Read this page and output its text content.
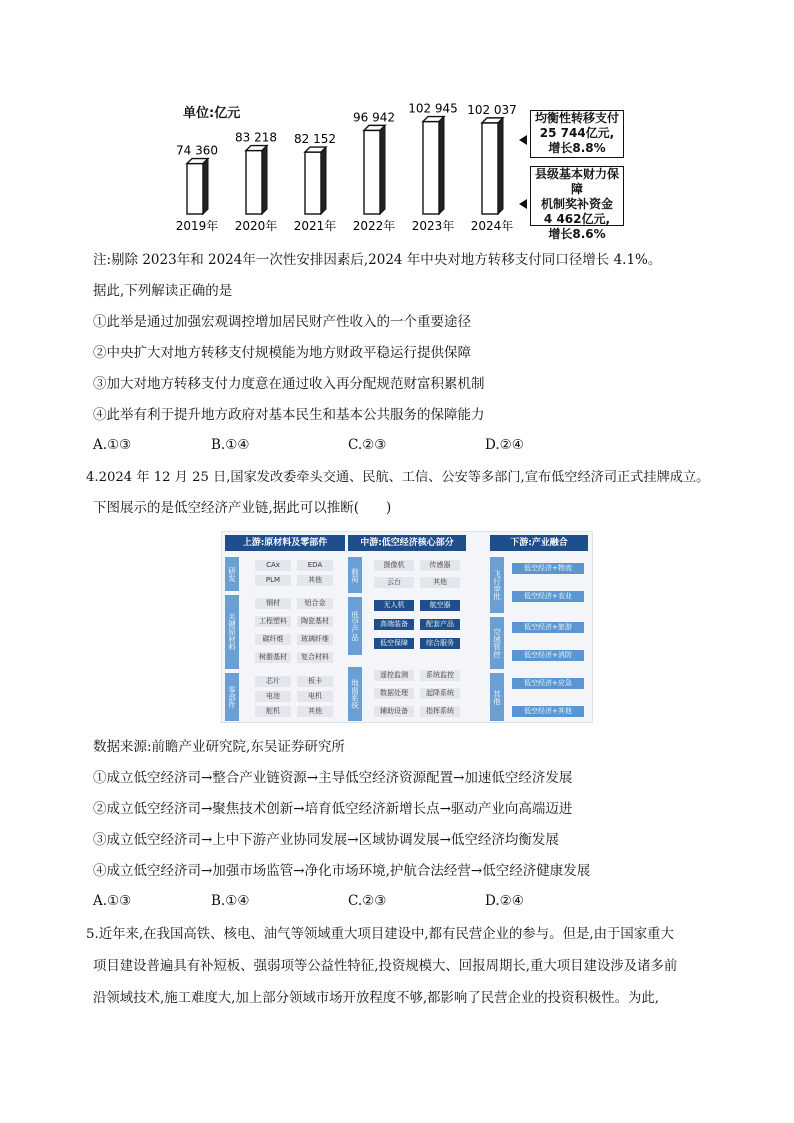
单位:亿元
74 360
2019年
83 218
2020年
82 152
2021年
96 942
2022年
102 945
2023年
102 037
2024年
均衡性转移支付
25 744亿元,
增长8.8%
县级基本财力保障
机制奖补资金
4 462亿元,
增长8.6%
注:剔除 2023年和 2024年一次性安排因素后,2024 年中央对地方转移支付同口径增长 4.1%。
据此,下列解读正确的是
①此举是通过加强宏观调控增加居民财产性收入的一个重要途径
②中央扩大对地方转移支付规模能为地方财政平稳运行提供保障
③加大对地方转移支付力度意在通过收入再分配规范财富积累机制
④此举有利于提升地方政府对基本民生和基本公共服务的保障能力
A.①③	B.①④	C.②③	D.②④
4.2024 年 12 月 25 日,国家发改委牵头交通、民航、工信、公安等多部门,宣布低空经济司正式挂牌成立。
下图展示的是低空经济产业链,据此可以推断(　　)
上游:原材料及零部件
研发
CAx	EDA
PLM	其他
关键原材料
钢材	铝合金
工程塑料	陶瓷基材
碳纤维	玻璃纤维
树脂基材	复合材料
零部件
芯片	板卡
电池	电机
舵机	其他
中游:低空经济核心部分
载荷
摄像机	传感器
云台	其他
低空产品
无人机	航空器
高端装备	配套产品
低空保障	综合服务
地面系统
遥控监测	系统监控
数据处理	起降系统
辅助设备	指挥系统
下游:产业融合
飞行审批
低空经济+物流
低空经济+农业
空域管控
低空经济+旅游
低空经济+消防
其他
低空经济+应急
低空经济+其他
数据来源:前瞻产业研究院,东吴证券研究所
①成立低空经济司→整合产业链资源→主导低空经济资源配置→加速低空经济发展
②成立低空经济司→聚焦技术创新→培育低空经济新增长点→驱动产业向高端迈进
③成立低空经济司→上中下游产业协同发展→区域协调发展→低空经济均衡发展
④成立低空经济司→加强市场监管→净化市场环境,护航合法经营→低空经济健康发展
A.①③	B.①④	C.②③	D.②④
5.近年来,在我国高铁、核电、油气等领域重大项目建设中,都有民营企业的参与。但是,由于国家重大
项目建设普遍具有补短板、强弱项等公益性特征,投资规模大、回报周期长,重大项目建设涉及诸多前
沿领域技术,施工难度大,加上部分领域市场开放程度不够,都影响了民营企业的投资积极性。为此,
